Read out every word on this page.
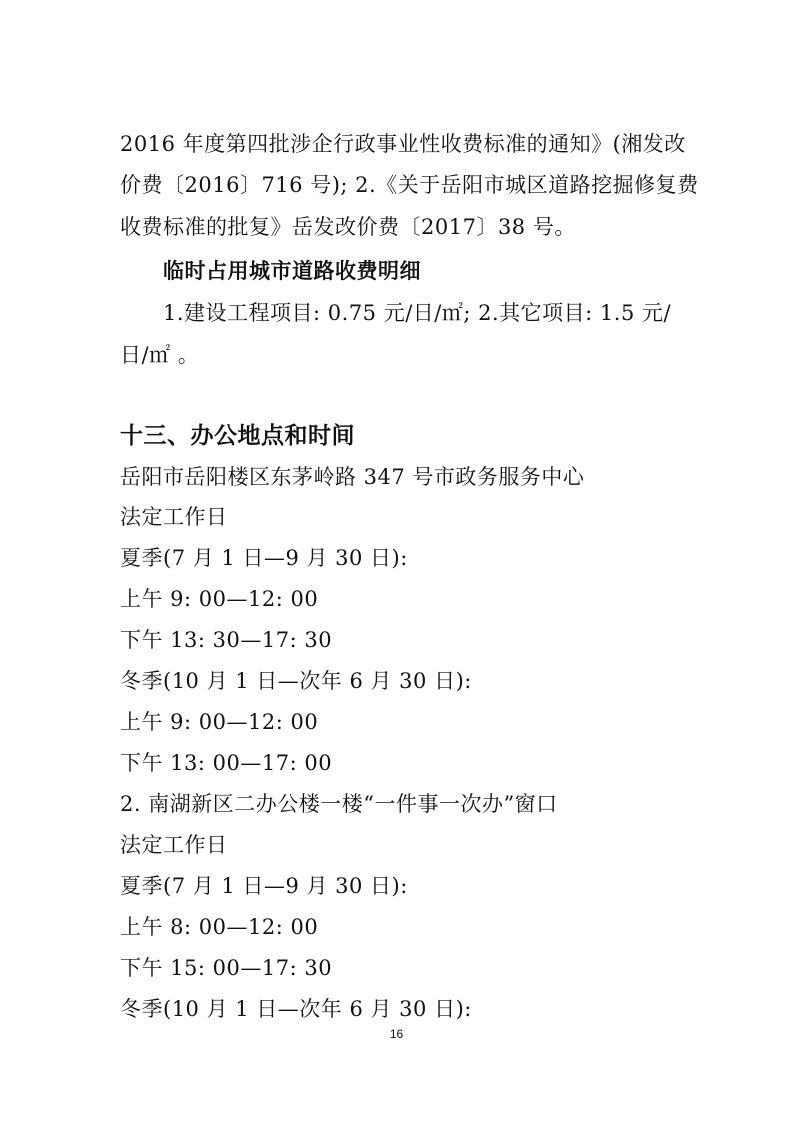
2016 年度第四批涉企行政事业性收费标准的通知》(湘发改
价费〔2016〕716 号); 2.《关于岳阳市城区道路挖掘修复费
收费标准的批复》岳发改价费〔2017〕38 号。
临时占用城市道路收费明细
1.建设工程项目: 0.75 元/日/㎡; 2.其它项目: 1.5 元/
日/㎡ 。
十三、办公地点和时间
岳阳市岳阳楼区东茅岭路 347 号市政务服务中心
法定工作日
夏季(7 月 1 日—9 月 30 日):
上午 9: 00—12: 00
下午 13: 30—17: 30
冬季(10 月 1 日—次年 6 月 30 日):
上午 9: 00—12: 00
下午 13: 00—17: 00
2. 南湖新区二办公楼一楼“一件事一次办”窗口
法定工作日
夏季(7 月 1 日—9 月 30 日):
上午 8: 00—12: 00
下午 15: 00—17: 30
冬季(10 月 1 日—次年 6 月 30 日):
16
